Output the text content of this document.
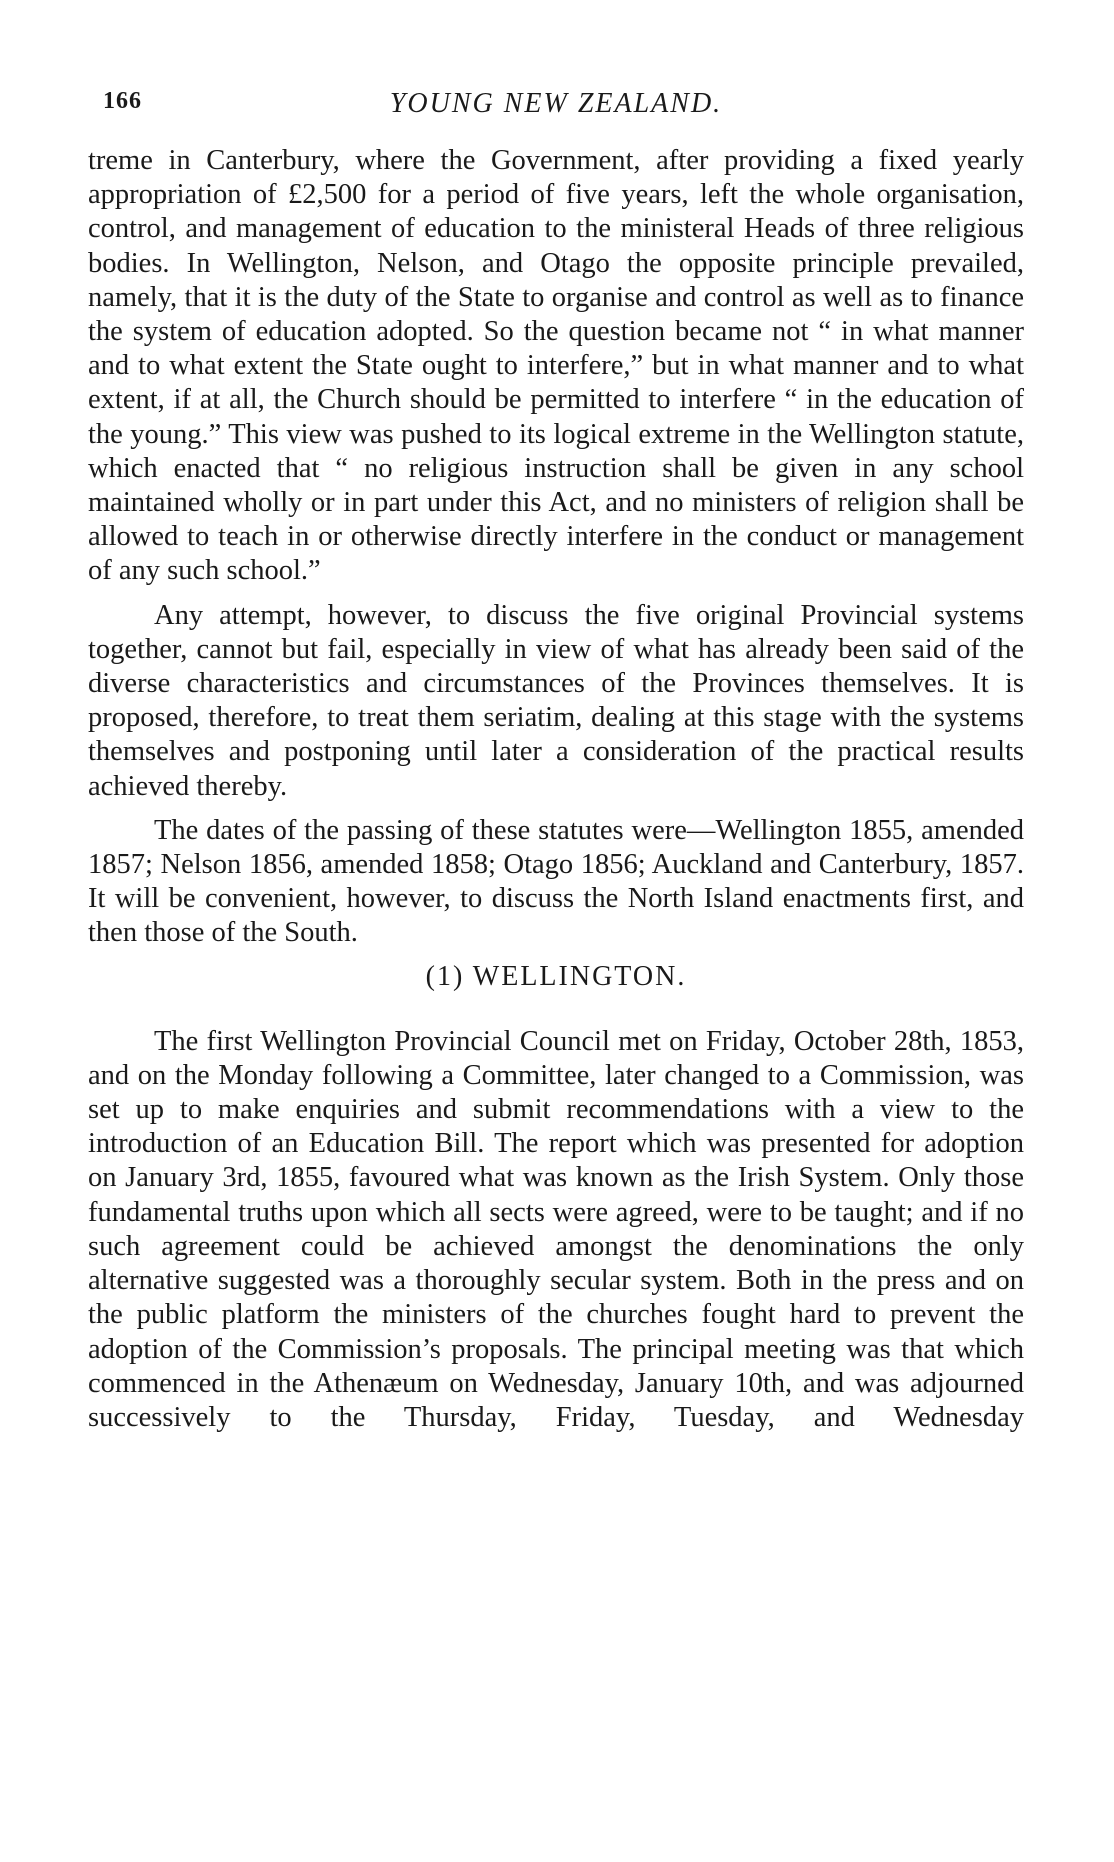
166	YOUNG NEW ZEALAND.

treme in Canterbury, where the Government, after providing a fixed yearly appropriation of £2,500 for a period of five years, left the whole organisation, control, and management of education to the ministeral Heads of three religious bodies. In Wellington, Nelson, and Otago the opposite principle prevailed, namely, that it is the duty of the State to organise and control as well as to finance the system of education adopted. So the question became not “ in what manner and to what extent the State ought to interfere,” but in what manner and to what extent, if at all, the Church should be permitted to interfere “ in the education of the young.” This view was pushed to its logical extreme in the Wellington statute, which enacted that “ no religious instruction shall be given in any school maintained wholly or in part under this Act, and no ministers of religion shall be allowed to teach in or otherwise directly interfere in the conduct or management of any such school.”

Any attempt, however, to discuss the five original Provincial systems together, cannot but fail, especially in view of what has already been said of the diverse characteristics and circumstances of the Provinces themselves. It is proposed, therefore, to treat them seriatim, dealing at this stage with the systems themselves and postponing until later a consideration of the practical results achieved thereby.

The dates of the passing of these statutes were—Wellington 1855, amended 1857; Nelson 1856, amended 1858; Otago 1856; Auckland and Canterbury, 1857. It will be convenient, however, to discuss the North Island enactments first, and then those of the South.

(1) WELLINGTON.

The first Wellington Provincial Council met on Friday, October 28th, 1853, and on the Monday following a Committee, later changed to a Commission, was set up to make enquiries and submit recommendations with a view to the introduction of an Education Bill. The report which was presented for adoption on January 3rd, 1855, favoured what was known as the Irish System. Only those fundamental truths upon which all sects were agreed, were to be taught; and if no such agreement could be achieved amongst the denominations the only alternative suggested was a thoroughly secular system. Both in the press and on the public platform the ministers of the churches fought hard to prevent the adoption of the Commission’s proposals. The principal meeting was that which commenced in the Athenæum on Wednesday, January 10th, and was adjourned successively to the Thursday, Friday, Tuesday, and Wednesday
